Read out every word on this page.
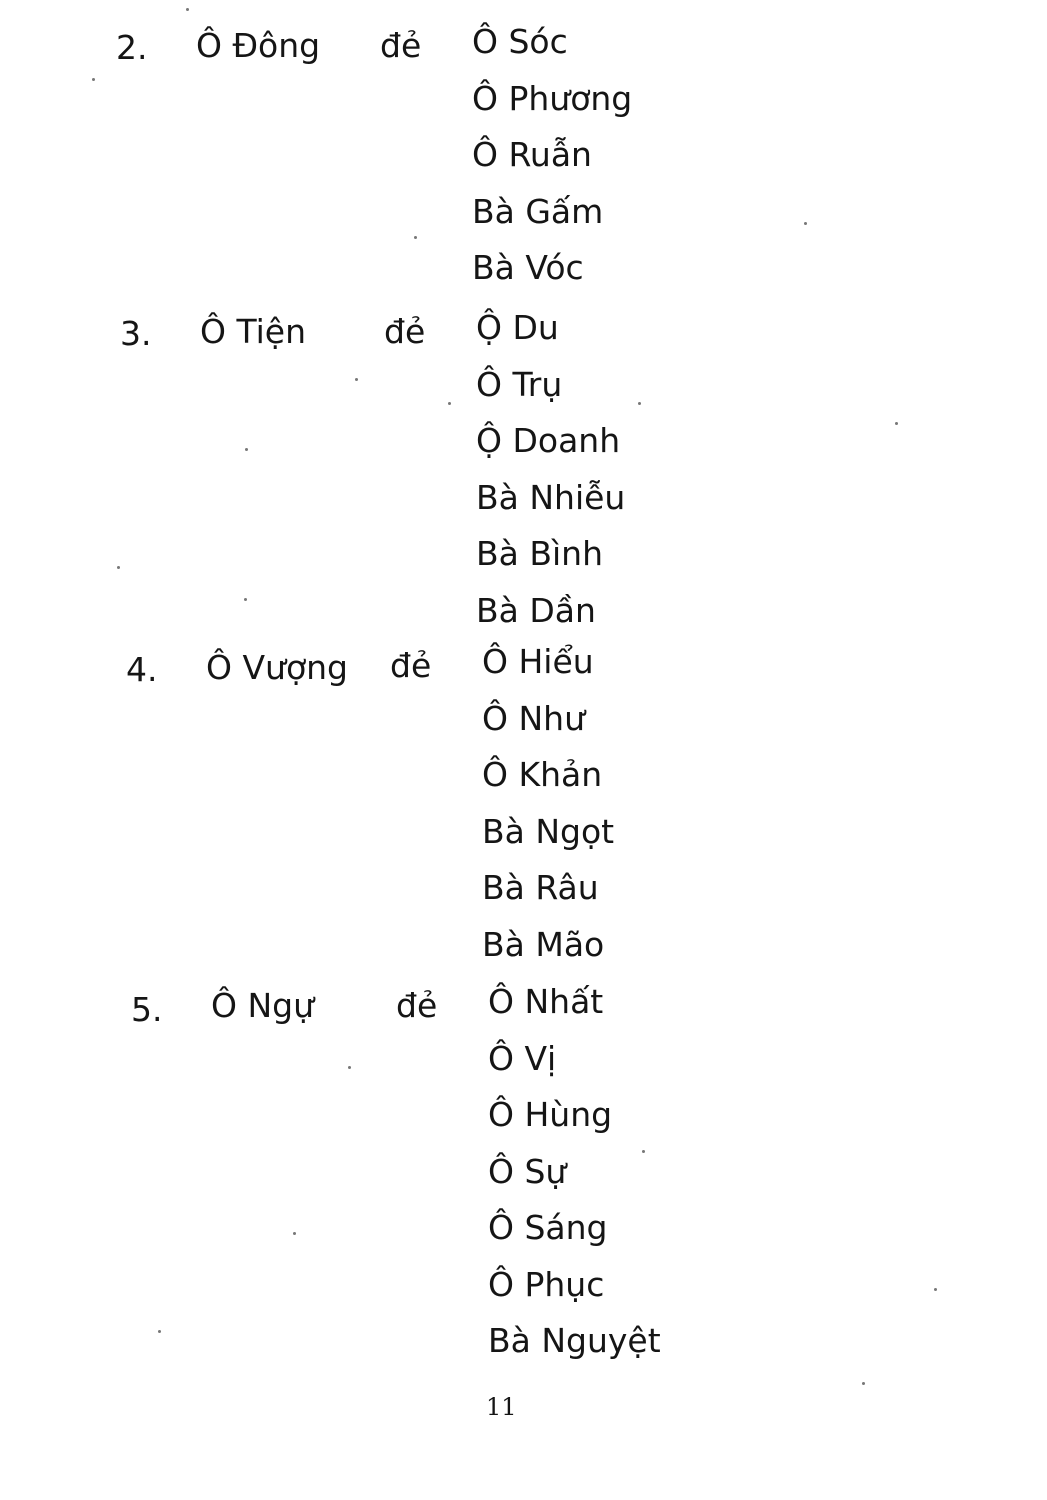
2. Ô Đông đẻ Ô Sóc
Ô Phương
Ô Ruẫn
Bà Gấm
Bà Vóc
3. Ô Tiện đẻ Ộ Du
Ô Trụ
Ộ Doanh
Bà Nhiễu
Bà Bình
Bà Dần
4. Ô Vượng đẻ Ô Hiểu
Ô Như
Ô Khản
Bà Ngọt
Bà Râu
Bà Mão
5. Ô Ngự đẻ Ô Nhất
Ô Vị
Ô Hùng
Ô Sự
Ô Sáng
Ô Phục
Bà Nguyệt
11
